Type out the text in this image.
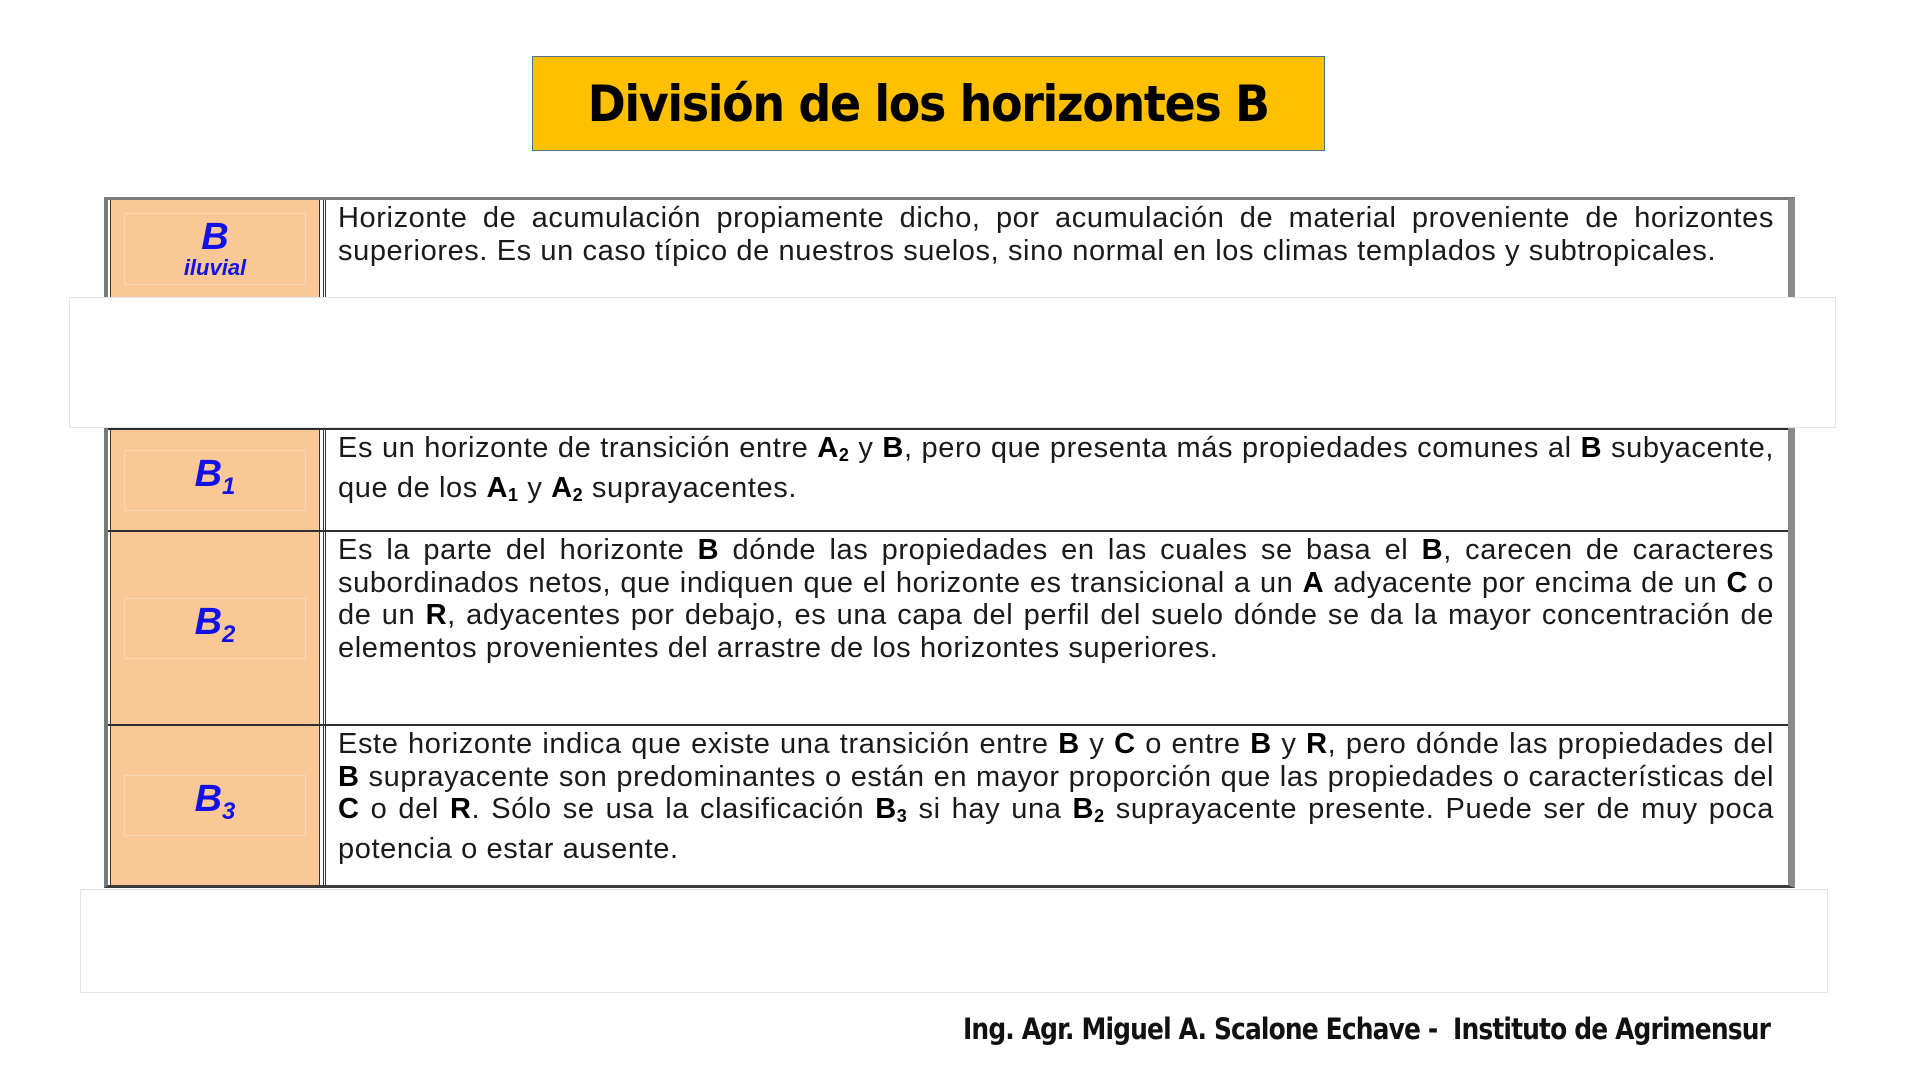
División de los horizontes B
B
iluvial
Horizonte de acumulación propiamente dicho, por acumulación de material proveniente de horizontes superiores. Es un caso típico de nuestros suelos, sino normal en los climas templados y subtropicales.
$B_1$
Es un horizonte de transición entre $A_2$ y B, pero que presenta más propiedades comunes al B subyacente, que de los $A_1$ y $A_2$ suprayacentes.
$B_2$
Es la parte del horizonte B dónde las propiedades en las cuales se basa el B, carecen de caracteres subordinados netos, que indiquen que el horizonte es transicional a un A adyacente por encima de un C o de un R, adyacentes por debajo, es una capa del perfil del suelo dónde se da la mayor concentración de elementos provenientes del arrastre de los horizontes superiores.
$B_3$
Este horizonte indica que existe una transición entre B y C o entre B y R, pero dónde las propiedades del B suprayacente son predominantes o están en mayor proporción que las propiedades o características del C o del R. Sólo se usa la clasificación $B_3$ si hay una $B_2$ suprayacente presente. Puede ser de muy poca potencia o estar ausente.
Ing. Agr. Miguel A. Scalone Echave -  Instituto de Agrimensur
